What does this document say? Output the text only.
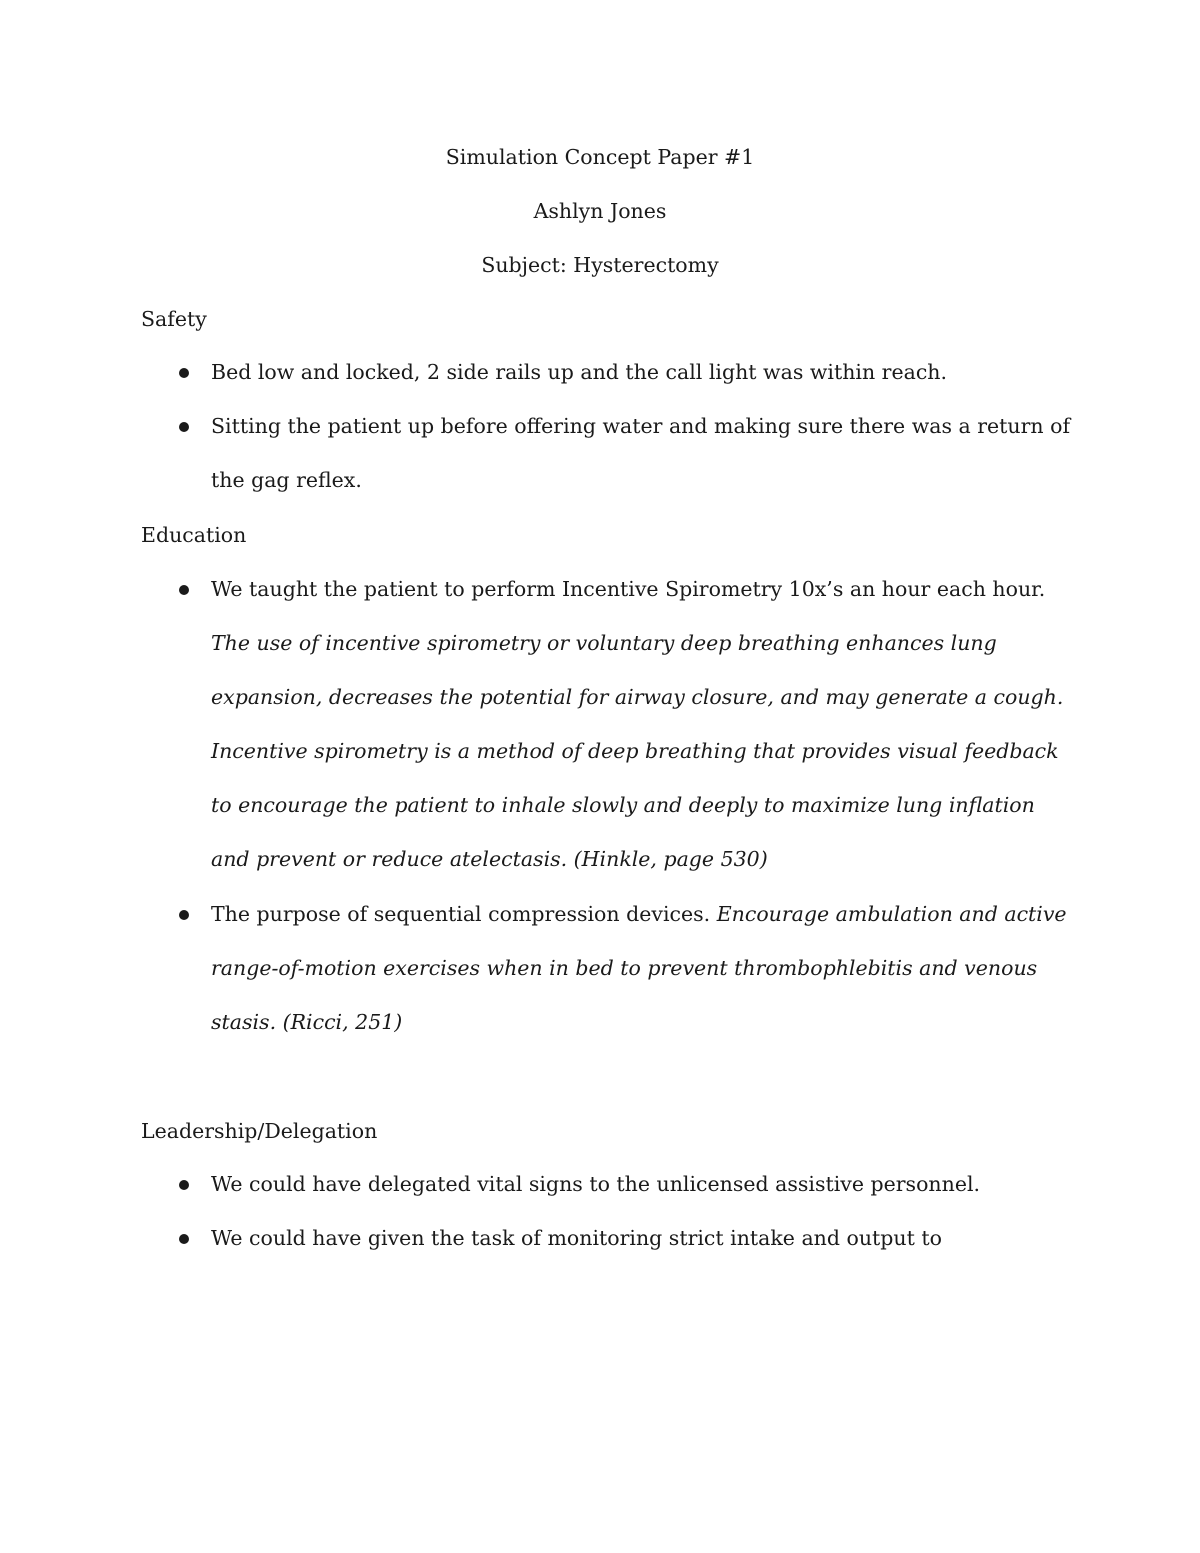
Simulation Concept Paper #1
Ashlyn Jones
Subject: Hysterectomy
Safety
Bed low and locked, 2 side rails up and the call light was within reach.
Sitting the patient up before offering water and making sure there was a return of the gag reflex.
Education
We taught the patient to perform Incentive Spirometry 10x’s an hour each hour. The use of incentive spirometry or voluntary deep breathing enhances lung expansion, decreases the potential for airway closure, and may generate a cough. Incentive spirometry is a method of deep breathing that provides visual feedback to encourage the patient to inhale slowly and deeply to maximize lung inflation and prevent or reduce atelectasis. (Hinkle, page 530)
The purpose of sequential compression devices. Encourage ambulation and active range-of-motion exercises when in bed to prevent thrombophlebitis and venous stasis. (Ricci, 251)
Leadership/Delegation
We could have delegated vital signs to the unlicensed assistive personnel.
We could have given the task of monitoring strict intake and output to
